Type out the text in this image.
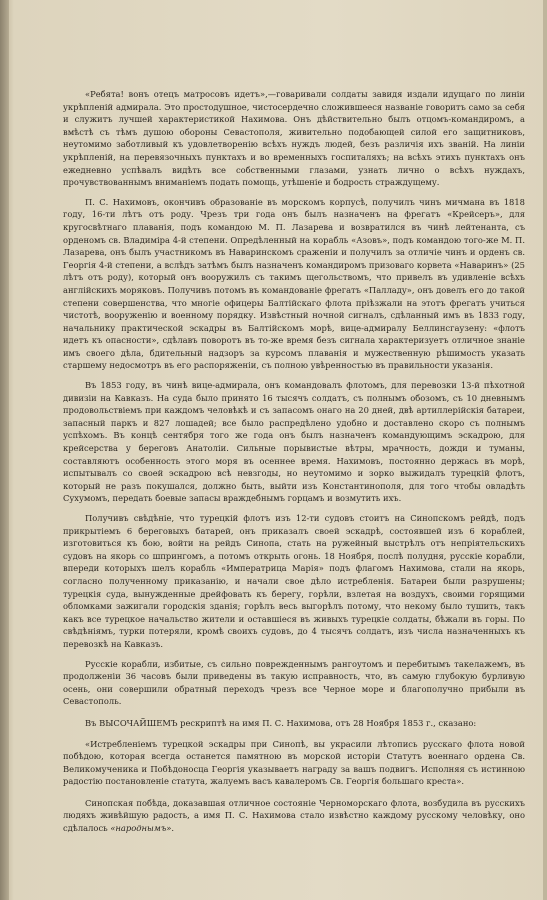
«Ребята! вонъ отецъ матросовъ идетъ»,—говаривали солдаты завидя издали идущаго по линіи укрѣпленій адмирала. Это простодушное, чистосердечно сложившееся названіе говоритъ само за себя и служитъ лучшей характеристикой Нахимова. Онъ дѣйствительно былъ отцомъ-командиромъ, а вмѣстѣ съ тѣмъ душою обороны Севастополя, живительно подобающей силой его защитниковъ, неутомимо заботливый къ удовлетворенію всѣхъ нуждъ людей, безъ различія ихъ званій. На линіи укрѣпленій, на перевязочныхъ пунктахъ и во временныхъ госпиталяхъ; на всѣхъ этихъ пунктахъ онъ ежедневно успѣвалъ видѣть все собственными глазами, узнать лично о всѣхъ нуждахъ, прочувствованнымъ вниманіемъ подать помощь, утѣшеніе и бодрость страждущему.

П. С. Нахимовъ, окончивъ образованіе въ морскомъ корпусѣ, получилъ чинъ мичмана въ 1818 году, 16-ти лѣтъ отъ роду. Чрезъ три года онъ былъ назначенъ на фрегатъ «Крейсеръ», для кругосвѣтнаго плаванія, подъ командою М. П. Лазарева и возвратился въ чинѣ лейтенанта, съ орденомъ св. Владиміра 4-й степени. Опредѣленный на корабль «Азовъ», подъ командою того-же М. П. Лазарева, онъ былъ участникомъ въ Наваринскомъ сраженіи и получилъ за отличіе чинъ и орденъ св. Георгія 4-й степени, а вслѣдъ затѣмъ былъ назначенъ командиромъ призоваго корвета «Наваринъ» (25 лѣтъ отъ роду), который онъ вооружилъ съ такимъ щегольствомъ, что привелъ въ удивленіе всѣхъ англійскихъ моряковъ. Получивъ потомъ въ командованіе фрегатъ «Палладу», онъ довелъ его до такой степени совершенства, что многіе офицеры Балтійскаго флота пріѣзжали на этотъ фрегатъ учиться чистотѣ, вооруженію и военному порядку. Извѣстный ночной сигналъ, сдѣланный имъ въ 1833 году, начальнику практической эскадры въ Балтійскомъ морѣ, вице-адмиралу Беллинсгаузену: «флотъ идетъ къ опасности», сдѣлавъ поворотъ въ то-же время безъ сигнала характеризуетъ отличное знаніе имъ своего дѣла, бдительный надзоръ за курсомъ плаванія и мужественную рѣшимость указать старшему недосмотръ въ его распоряженіи, съ полною увѣренностью въ правильности указанія.

Въ 1853 году, въ чинѣ вице-адмирала, онъ командовалъ флотомъ, для перевозки 13-й пѣхотной дивизіи на Кавказъ. На суда было принято 16 тысячъ солдатъ, съ полнымъ обозомъ, съ 10 дневнымъ продовольствіемъ при каждомъ человѣкѣ и съ запасомъ онаго на 20 дней, двѣ артиллерійскія батареи, запасный паркъ и 827 лошадей; все было распредѣлено удобно и доставлено скоро съ полнымъ успѣхомъ. Въ концѣ сентября того же года онъ былъ назначенъ командующимъ эскадрою, для крейсерства у береговъ Анатоліи. Сильные порывистые вѣтры, мрачность, дожди и туманы, составляютъ особенность этого моря въ осеннее время. Нахимовъ, постоянно держась въ морѣ, испытывалъ со своей эскадрою всѣ невзгоды, но неутомимо и зорко выжидалъ турецкій флотъ, который не разъ покушался, должно быть, выйти изъ Константинополя, для того чтобы овладѣть Сухумомъ, передать боевые запасы враждебнымъ горцамъ и возмутить ихъ.

Получивъ свѣдѣніе, что турецкій флотъ изъ 12-ти судовъ стоитъ на Синопскомъ рейдѣ, подъ прикрытіемъ 6 береговыхъ батарей, онъ приказалъ своей эскадрѣ, состоявшей изъ 6 кораблей, изготовиться къ бою, войти на рейдъ Синопа, стать на ружейный выстрѣлъ отъ непріятельскихъ судовъ на якорь со шпрингомъ, а потомъ открыть огонь. 18 Ноября, послѣ полудня, русскіе корабли, впереди которыхъ шелъ корабль «Императрица Марія» подъ флагомъ Нахимова, стали на якорь, согласно полученному приказанію, и начали свое дѣло истребленія. Батареи были разрушены; турецкія суда, вынужденные дрейфовать къ берегу, горѣли, взлетая на воздухъ, своими горящими обломками зажигали городскія зданія; горѣлъ весь выгорѣлъ потому, что некому было тушить, такъ какъ все турецкое начальство жители и оставшіеся въ живыхъ турецкіе солдаты, бѣжали въ горы. По свѣдѣніямъ, турки потеряли, кромѣ своихъ судовъ, до 4 тысячъ солдатъ, изъ числа назначенныхъ къ перевозкѣ на Кавказъ.

Русскіе корабли, избитые, съ сильно поврежденнымъ рангоутомъ и перебитымъ такелажемъ, въ продолженіи 36 часовъ были приведены въ такую исправность, что, въ самую глубокую бурливую осень, они совершили обратный переходъ чрезъ все Черное море и благополучно прибыли въ Севастополь.

Въ ВЫСОЧАЙШЕМЪ рескриптѣ на имя П. С. Нахимова, отъ 28 Ноября 1853 г., сказано:

«Истребленіемъ турецкой эскадры при Синопѣ, вы украсили лѣтопись русскаго флота новой побѣдою, которая всегда останется памятною въ морской исторіи Статутъ военнаго ордена Св. Великомученика и Побѣдоносца Георгія указываетъ награду за вашъ подвигъ. Исполняя съ истинною радостію постановленіе статута, жалуемъ васъ кавалеромъ Св. Георгія большаго креста».

Синопская побѣда, доказавшая отличное состояніе Черноморскаго флота, возбудила въ русскихъ людяхъ живѣйшую радость, а имя П. С. Нахимова стало извѣстно каждому русскому человѣку, оно сдѣлалось «народнымъ».
